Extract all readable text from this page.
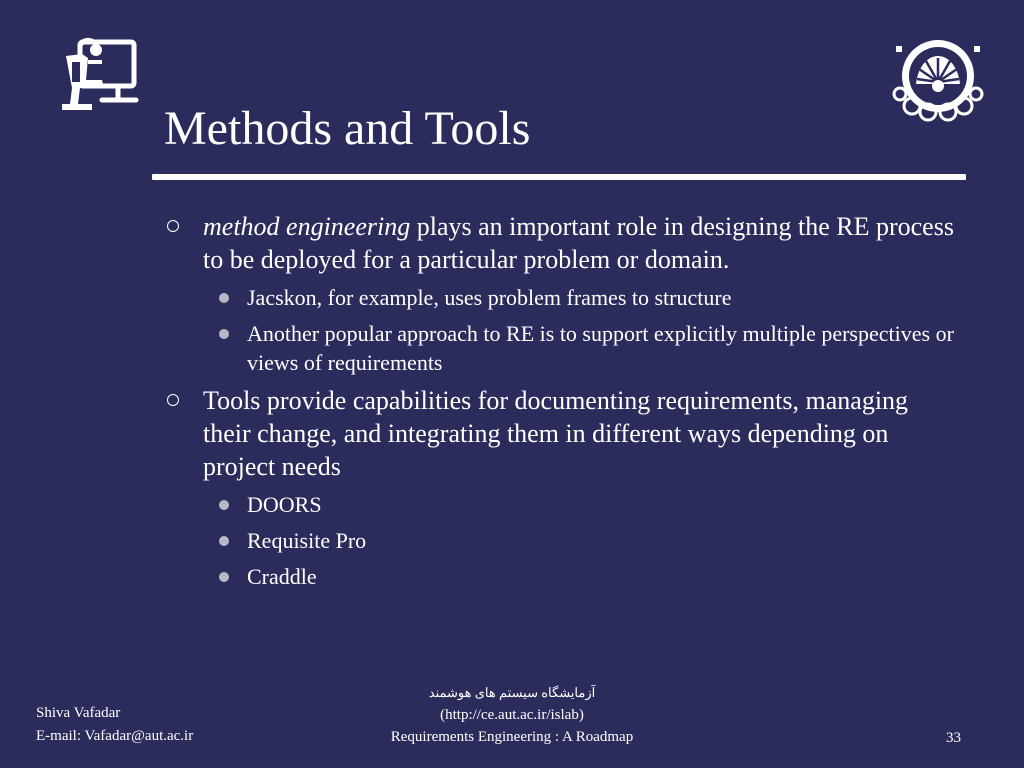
Methods and Tools
method engineering plays an important role in designing the RE process to be deployed for a particular problem or domain.
Jacskon, for example, uses problem frames to structure
Another popular approach to RE is to support explicitly multiple perspectives or views of requirements
Tools provide capabilities for documenting requirements, managing their change, and integrating them in different ways depending on project needs
DOORS
Requisite Pro
Craddle
Shiva Vafadar
E-mail: Vafadar@aut.ac.ir
آزمایشگاه سیستم های هوشمند
(http://ce.aut.ac.ir/islab)
Requirements Engineering : A Roadmap	33
